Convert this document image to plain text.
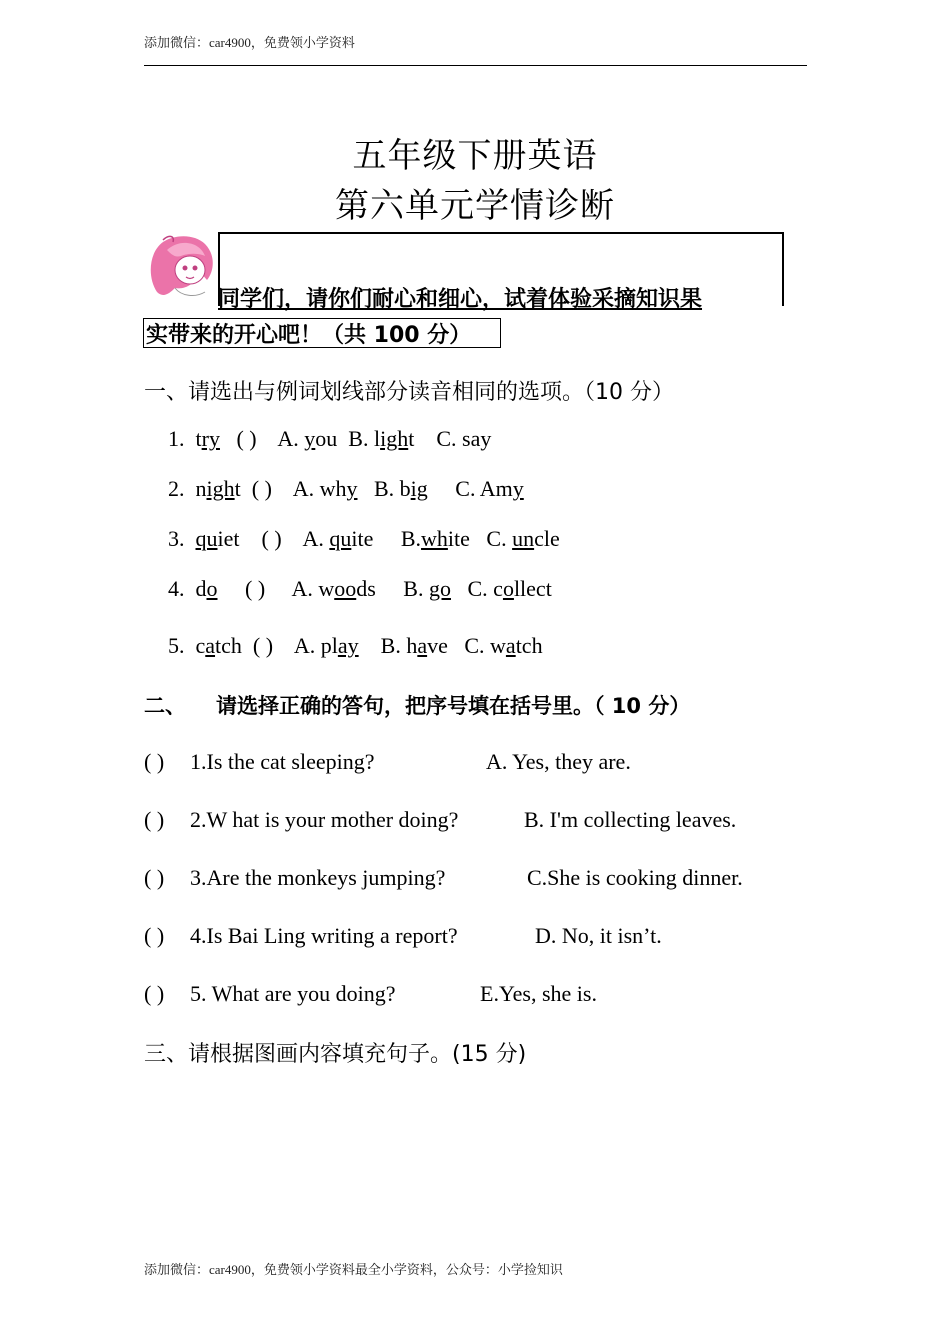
添加微信：car4900，免费领小学资料
五年级下册英语
第六单元学情诊断
同学们，请你们耐心和细心，试着体验采摘知识果
实带来的开心吧！（共 100 分）
一、请选出与例词划线部分读音相同的选项。（10 分）
1. try ( ) A. you B. light C. say
2. night ( ) A. why B. big C. Amy
3. quiet ( ) A. quite B.white C. uncle
4. do ( ) A. woods B. go C. collect
5. catch ( ) A. play B. have C. watch
二、 请选择正确的答句，把序号填在括号里。（ 10 分）
( ) 1.Is the cat sleeping?	A. Yes, they are.
( ) 2.W hat is your mother doing?	B. I'm collecting leaves.
( ) 3.Are the monkeys jumping?	C.She is cooking dinner.
( ) 4.Is Bai Ling writing a report?	D. No, it isn’t.
( ) 5. What are you doing?	E.Yes, she is.
三、请根据图画内容填充句子。(15 分)
添加微信：car4900，免费领小学资料最全小学资料，公众号：小学捡知识
